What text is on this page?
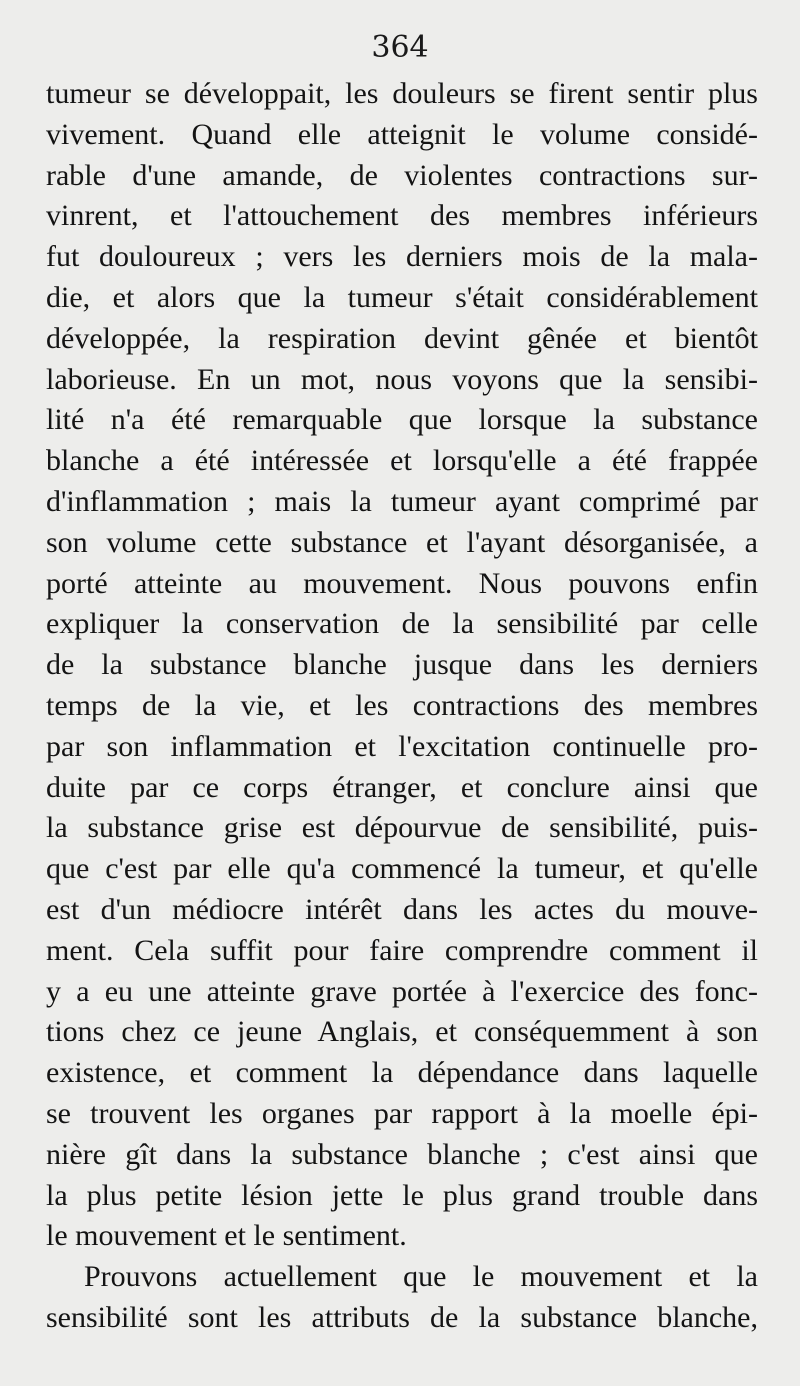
364
tumeur se développait, les douleurs se firent sentir plus
vivement. Quand elle atteignit le volume considé-
rable d'une amande, de violentes contractions sur-
vinrent, et l'attouchement des membres inférieurs
fut douloureux ; vers les derniers mois de la mala-
die, et alors que la tumeur s'était considérablement
développée, la respiration devint gênée et bientôt
laborieuse. En un mot, nous voyons que la sensibi-
lité n'a été remarquable que lorsque la substance
blanche a été intéressée et lorsqu'elle a été frappée
d'inflammation ; mais la tumeur ayant comprimé par
son volume cette substance et l'ayant désorganisée, a
porté atteinte au mouvement. Nous pouvons enfin
expliquer la conservation de la sensibilité par celle
de la substance blanche jusque dans les derniers
temps de la vie, et les contractions des membres
par son inflammation et l'excitation continuelle pro-
duite par ce corps étranger, et conclure ainsi que
la substance grise est dépourvue de sensibilité, puis-
que c'est par elle qu'a commencé la tumeur, et qu'elle
est d'un médiocre intérêt dans les actes du mouve-
ment. Cela suffit pour faire comprendre comment il
y a eu une atteinte grave portée à l'exercice des fonc-
tions chez ce jeune Anglais, et conséquemment à son
existence, et comment la dépendance dans laquelle
se trouvent les organes par rapport à la moelle épi-
nière gît dans la substance blanche ; c'est ainsi que
la plus petite lésion jette le plus grand trouble dans
le mouvement et le sentiment.
Prouvons actuellement que le mouvement et la
sensibilité sont les attributs de la substance blanche,
